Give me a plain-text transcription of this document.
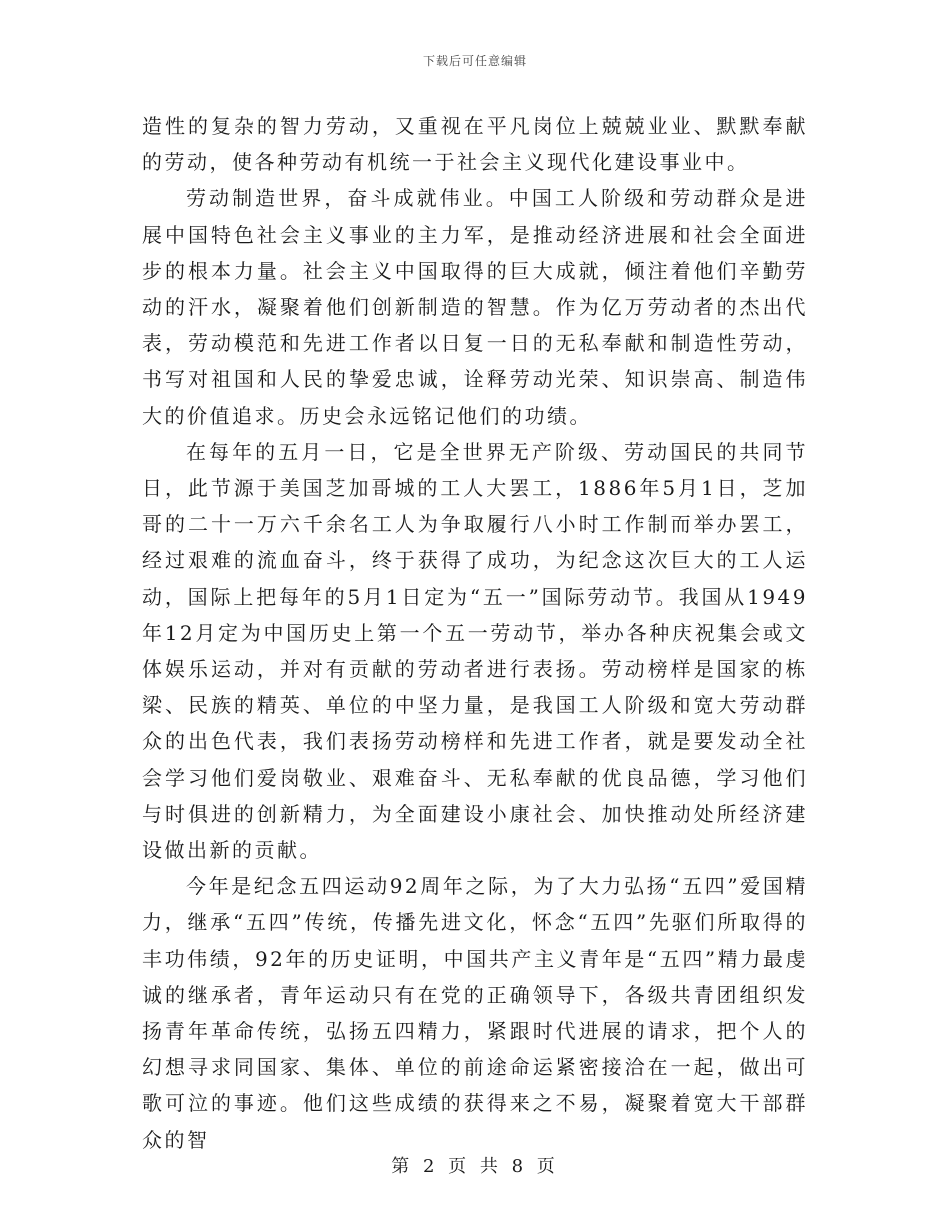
下载后可任意编辑

造性的复杂的智力劳动，又重视在平凡岗位上兢兢业业、默默奉献的劳动，使各种劳动有机统一于社会主义现代化建设事业中。

劳动制造世界，奋斗成就伟业。中国工人阶级和劳动群众是进展中国特色社会主义事业的主力军，是推动经济进展和社会全面进步的根本力量。社会主义中国取得的巨大成就，倾注着他们辛勤劳动的汗水，凝聚着他们创新制造的智慧。作为亿万劳动者的杰出代表，劳动模范和先进工作者以日复一日的无私奉献和制造性劳动，书写对祖国和人民的挚爱忠诚，诠释劳动光荣、知识崇高、制造伟大的价值追求。历史会永远铭记他们的功绩。

在每年的五月一日，它是全世界无产阶级、劳动国民的共同节日，此节源于美国芝加哥城的工人大罢工，1886年5月1日，芝加哥的二十一万六千余名工人为争取履行八小时工作制而举办罢工，经过艰难的流血奋斗，终于获得了成功，为纪念这次巨大的工人运动，国际上把每年的5月1日定为“五一”国际劳动节。我国从1949年12月定为中国历史上第一个五一劳动节，举办各种庆祝集会或文体娱乐运动，并对有贡献的劳动者进行表扬。劳动榜样是国家的栋梁、民族的精英、单位的中坚力量，是我国工人阶级和宽大劳动群众的出色代表，我们表扬劳动榜样和先进工作者，就是要发动全社会学习他们爱岗敬业、艰难奋斗、无私奉献的优良品德，学习他们与时俱进的创新精力，为全面建设小康社会、加快推动处所经济建设做出新的贡献。

今年是纪念五四运动92周年之际，为了大力弘扬“五四”爱国精力，继承“五四”传统，传播先进文化，怀念“五四”先驱们所取得的丰功伟绩，92年的历史证明，中国共产主义青年是“五四”精力最虔诚的继承者，青年运动只有在党的正确领导下，各级共青团组织发扬青年革命传统，弘扬五四精力，紧跟时代进展的请求，把个人的幻想寻求同国家、集体、单位的前途命运紧密接洽在一起，做出可歌可泣的事迹。他们这些成绩的获得来之不易，凝聚着宽大干部群众的智

第 2 页 共 8 页
